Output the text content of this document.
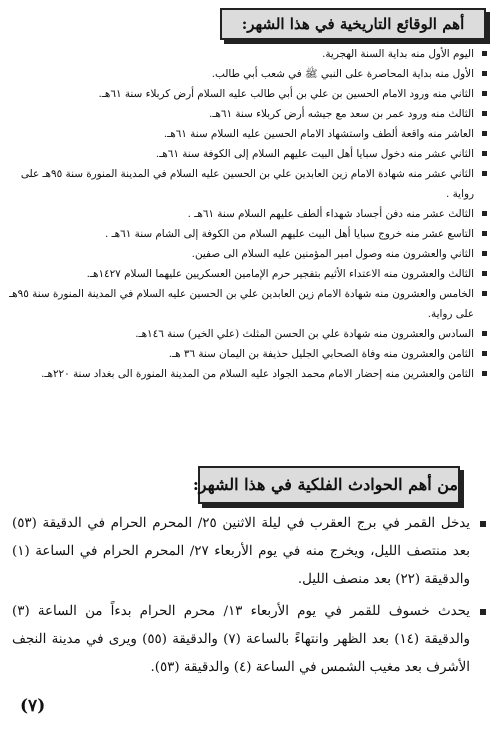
أهم الوقائع التاريخية في هذا الشهر:
اليوم الأول منه بداية السنة الهجرية.
الأول منه بداية المحاصرة على النبي ﷺ في شعب أبي طالب.
الثاني منه ورود الامام الحسين بن علي بن أبي طالب عليه السلام أرض كربلاء سنة ٦١هـ.
الثالث منه ورود عمر بن سعد مع جيشه أرض كربلاء سنة ٦١هـ.
العاشر منه واقعة ألطف واستشهاد الامام الحسين عليه السلام سنة ٦١هـ.
الثاني عشر منه دخول سبايا أهل البيت عليهم السلام إلى الكوفة سنة ٦١هـ.
الثاني عشر منه شهادة الامام زين العابدين علي بن الحسين عليه السلام في المدينة المنورة سنة ٩٥هـ على رواية .
الثالث عشر منه دفن أجساد شهداء ألطف عليهم السلام سنة ٦١هـ .
التاسع عشر منه خروج سبايا أهل البيت عليهم السلام من الكوفة إلى الشام سنة ٦١هـ .
الثاني والعشرون منه وصول امير المؤمنين عليه السلام الى صفين.
الثالث والعشرون منه الاعتداء الأثيم بتفجير حرم الإمامين العسكريين عليهما السلام ١٤٢٧هـ.
الخامس والعشرون منه شهادة الامام زين العابدين علي بن الحسين عليه السلام في المدينة المنورة سنة ٩٥هـ على رواية.
السادس والعشرون منه شهادة علي بن الحسن المثلث (علي الخير) سنة ١٤٦هـ.
الثامن والعشرون منه وفاة الصحابي الجليل حذيفة بن اليمان سنة ٣٦ هـ.
الثامن والعشرين منه إحضار الامام محمد الجواد عليه السلام من المدينة المنورة الى بغداد سنة ٢٢٠هـ.
من أهم الحوادث الفلكية في هذا الشهر:
يدخل القمر في برج العقرب في ليلة الاثنين ٢٥/ المحرم الحرام في الدقيقة (٥٣) بعد منتصف الليل، ويخرج منه في يوم الأربعاء ٢٧/ المحرم الحرام في الساعة (١) والدقيقة (٢٢) بعد منصف الليل.
يحدث خسوف للقمر في يوم الأربعاء ١٣/ محرم الحرام بدءاً من الساعة (٣) والدقيقة (١٤) بعد الظهر وانتهاءً بالساعة (٧) والدقيقة (٥٥) ويرى في مدينة النجف الأشرف بعد مغيب الشمس في الساعة (٤) والدقيقة (٥٣).
(٧)
